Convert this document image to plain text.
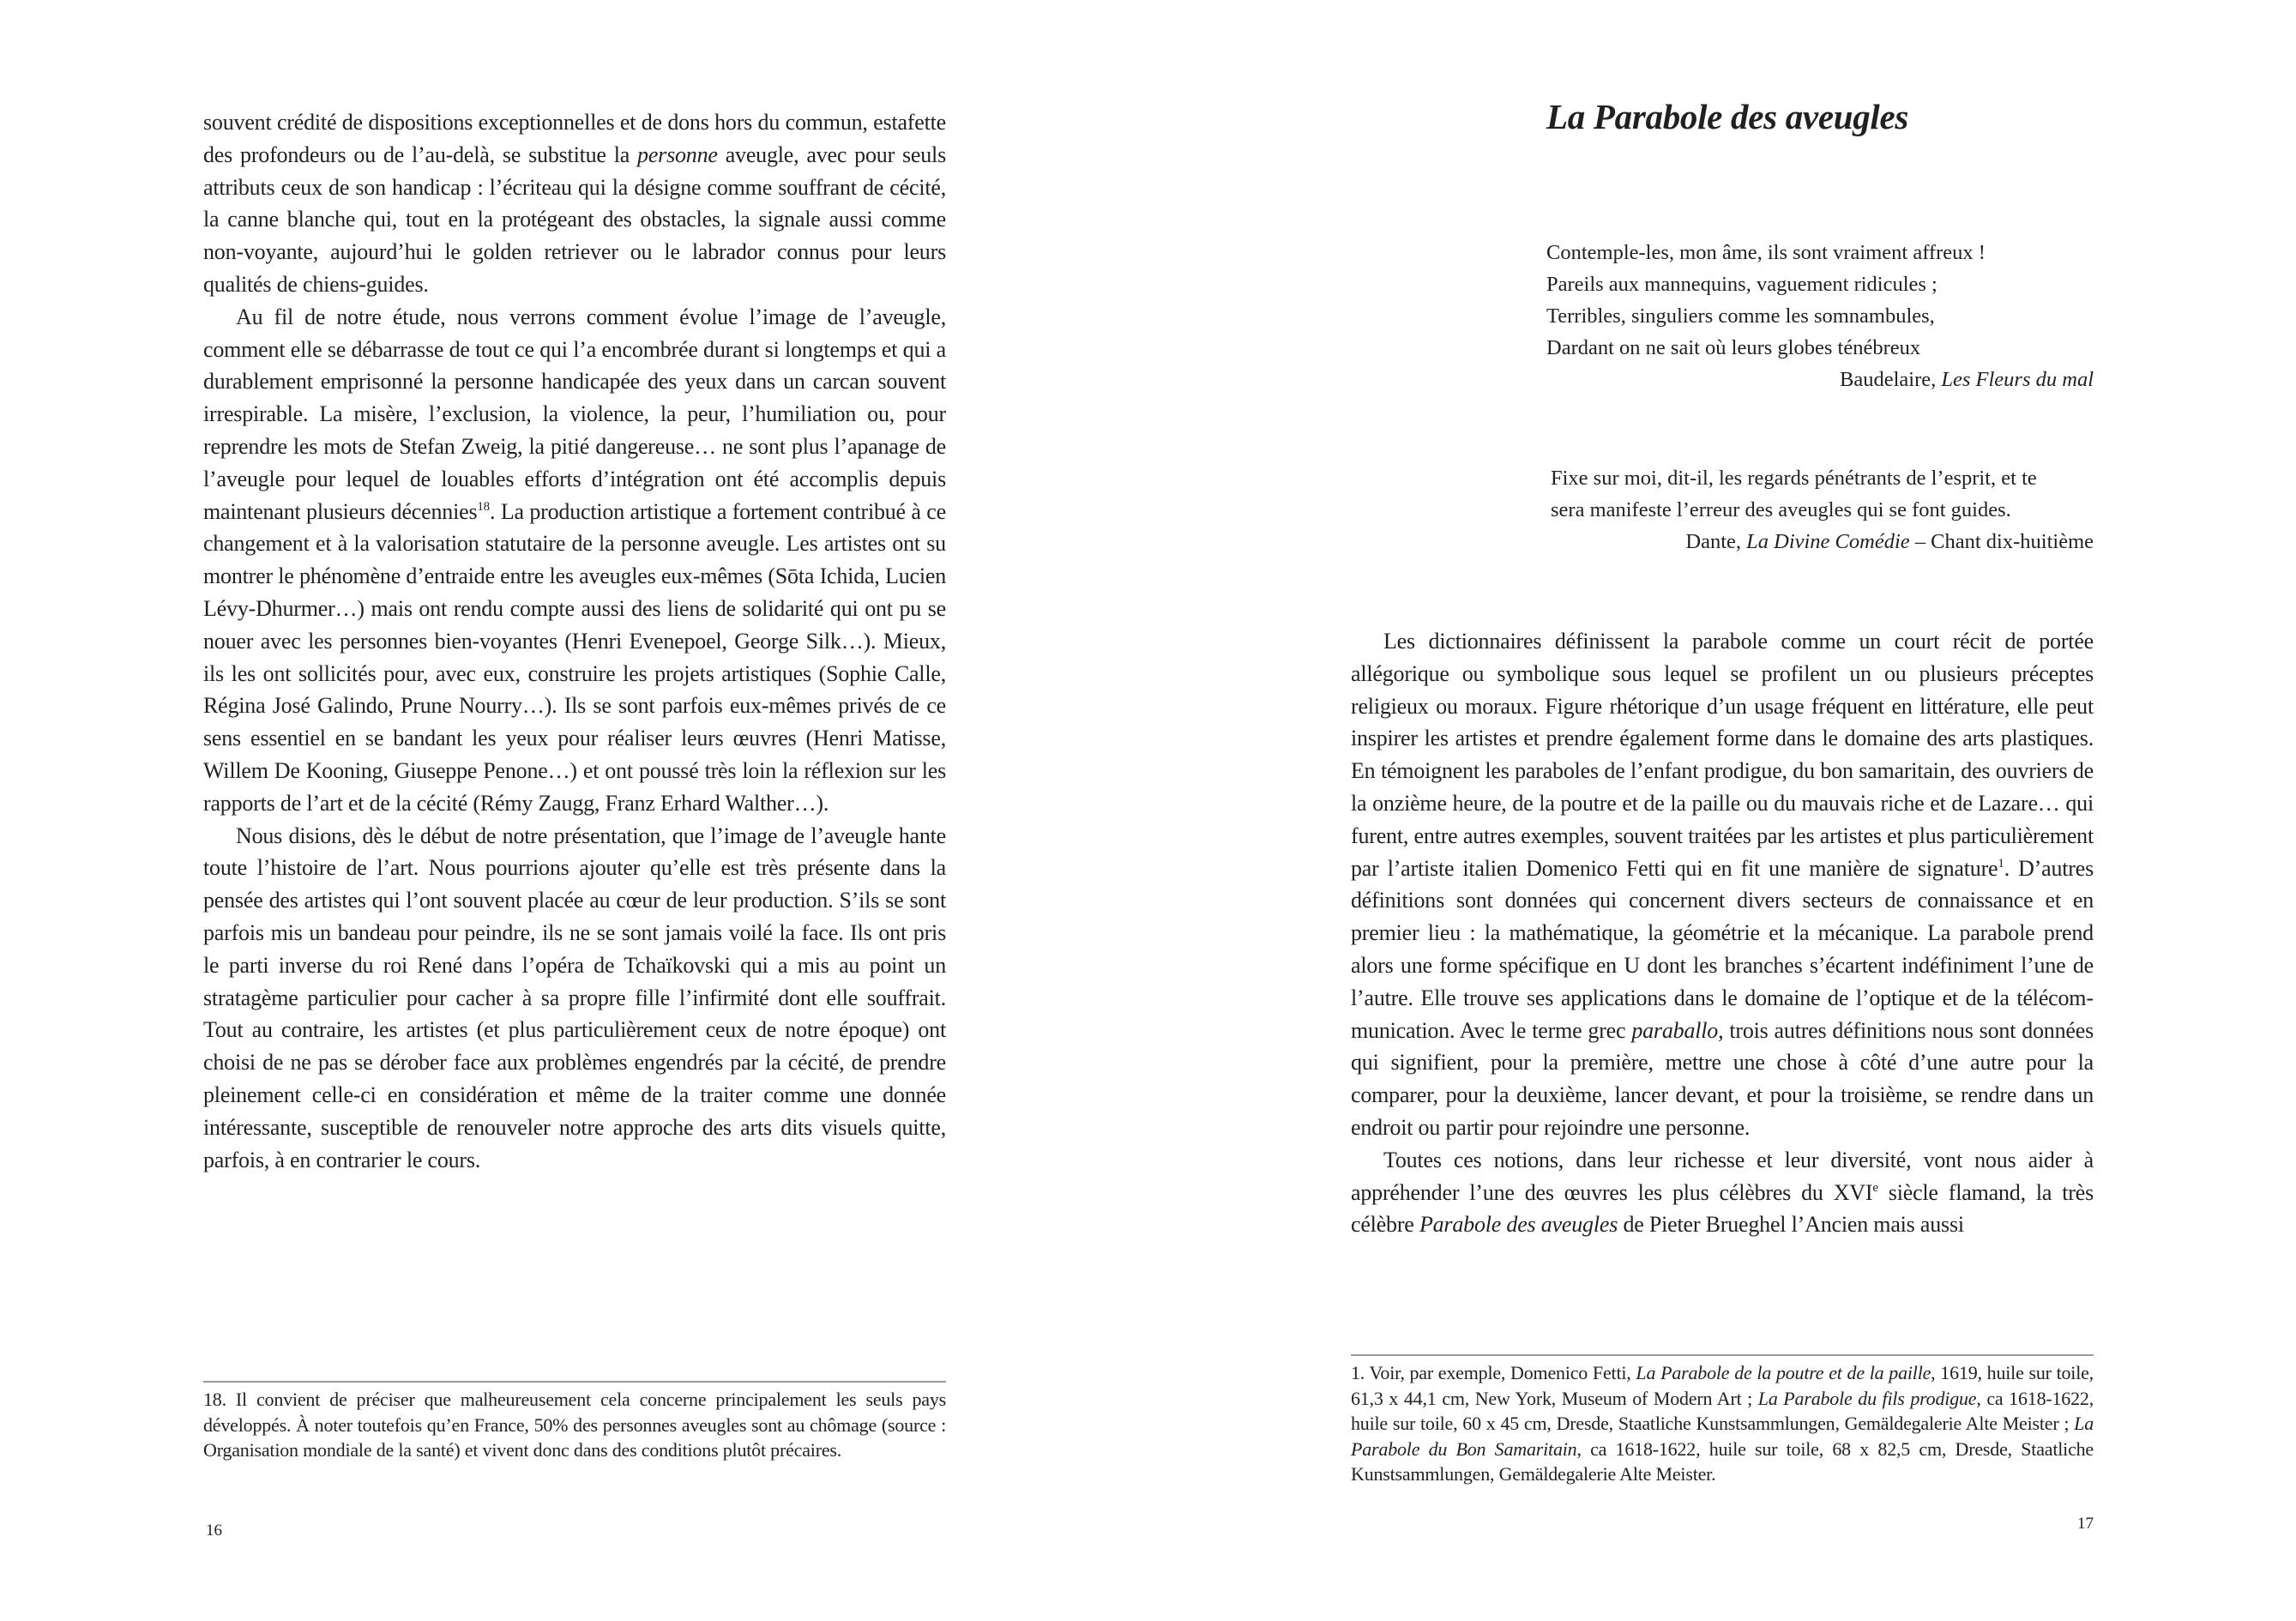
souvent crédité de dispositions exceptionnelles et de dons hors du commun, estafette des profondeurs ou de l’au-delà, se substitue la personne aveugle, avec pour seuls attributs ceux de son handicap : l’écriteau qui la désigne comme souffrant de cécité, la canne blanche qui, tout en la protégeant des obstacles, la signale aussi comme non-voyante, aujourd’hui le golden retriever ou le labrador connus pour leurs qualités de chiens-guides.

Au fil de notre étude, nous verrons comment évolue l’image de l’aveugle, comment elle se débarrasse de tout ce qui l’a encombrée durant si longtemps et qui a durablement emprisonné la personne handicapée des yeux dans un carcan souvent irrespirable. La misère, l’exclusion, la violence, la peur, l’humiliation ou, pour reprendre les mots de Stefan Zweig, la pitié dangereuse… ne sont plus l’apanage de l’aveugle pour lequel de louables efforts d’intégration ont été accomplis depuis maintenant plusieurs décennies$^{18}$. La production artistique a fortement contribué à ce changement et à la valorisation statutaire de la personne aveugle. Les artistes ont su montrer le phénomène d’entraide entre les aveugles eux-mêmes (Sōta Ichida, Lucien Lévy-Dhurmer…) mais ont rendu compte aussi des liens de solidarité qui ont pu se nouer avec les personnes bien-voyantes (Henri Evenepoel, George Silk…). Mieux, ils les ont sollicités pour, avec eux, construire les projets artistiques (Sophie Calle, Régina José Galindo, Prune Nourry…). Ils se sont parfois eux-mêmes privés de ce sens essentiel en se bandant les yeux pour réaliser leurs œuvres (Henri Matisse, Willem De Kooning, Giuseppe Penone…) et ont poussé très loin la réflexion sur les rapports de l’art et de la cécité (Rémy Zaugg, Franz Erhard Walther…).

Nous disions, dès le début de notre présentation, que l’image de l’aveugle hante toute l’histoire de l’art. Nous pourrions ajouter qu’elle est très présente dans la pensée des artistes qui l’ont souvent placée au cœur de leur production. S’ils se sont parfois mis un bandeau pour peindre, ils ne se sont jamais voilé la face. Ils ont pris le parti inverse du roi René dans l’opéra de Tchaïkovski qui a mis au point un stratagème particulier pour cacher à sa propre fille l’infirmité dont elle souffrait. Tout au contraire, les artistes (et plus particulièrement ceux de notre époque) ont choisi de ne pas se dérober face aux problèmes engendrés par la cécité, de prendre pleinement celle-ci en considération et même de la traiter comme une donnée intéressante, susceptible de renouveler notre approche des arts dits visuels quitte, parfois, à en contrarier le cours.

18. Il convient de préciser que malheureusement cela concerne principalement les seuls pays développés. À noter toutefois qu’en France, 50% des personnes aveugles sont au chômage (source : Organisation mondiale de la santé) et vivent donc dans des conditions plutôt précaires.
16
La Parabole des aveugles
Contemple-les, mon âme, ils sont vraiment affreux !
Pareils aux mannequins, vaguement ridicules ;
Terribles, singuliers comme les somnambules,
Dardant on ne sait où leurs globes ténébreux
Baudelaire, Les Fleurs du mal
Fixe sur moi, dit-il, les regards pénétrants de l’esprit, et te
sera manifeste l’erreur des aveugles qui se font guides.
Dante, La Divine Comédie – Chant dix-huitième

Les dictionnaires définissent la parabole comme un court récit de portée allégorique ou symbolique sous lequel se profilent un ou plusieurs préceptes religieux ou moraux. Figure rhétorique d’un usage fréquent en littérature, elle peut inspirer les artistes et prendre également forme dans le domaine des arts plastiques. En témoignent les paraboles de l’enfant prodigue, du bon samaritain, des ouvriers de la onzième heure, de la poutre et de la paille ou du mauvais riche et de Lazare… qui furent, entre autres exemples, souvent traitées par les artistes et plus particulièrement par l’artiste italien Domenico Fetti qui en fit une manière de signature$^1$. D’autres définitions sont données qui concernent divers secteurs de connaissance et en premier lieu : la mathématique, la géométrie et la mécanique. La parabole prend alors une forme spécifique en U dont les branches s’écartent indéfiniment l’une de l’autre. Elle trouve ses applications dans le domaine de l’optique et de la télécommunication. Avec le terme grec paraballo, trois autres définitions nous sont données qui signifient, pour la première, mettre une chose à côté d’une autre pour la comparer, pour la deuxième, lancer devant, et pour la troisième, se rendre dans un endroit ou partir pour rejoindre une personne.

Toutes ces notions, dans leur richesse et leur diversité, vont nous aider à appréhender l’une des œuvres les plus célèbres du XVIe siècle flamand, la très célèbre Parabole des aveugles de Pieter Brueghel l’Ancien mais aussi

1. Voir, par exemple, Domenico Fetti, La Parabole de la poutre et de la paille, 1619, huile sur toile, 61,3 x 44,1 cm, New York, Museum of Modern Art ; La Parabole du fils prodigue, ca 1618-1622, huile sur toile, 60 x 45 cm, Dresde, Staatliche Kunstsammlungen, Gemäldegalerie Alte Meister ; La Parabole du Bon Samaritain, ca 1618-1622, huile sur toile, 68 x 82,5 cm, Dresde, Staatliche Kunstsammlungen, Gemäldegalerie Alte Meister.
17
